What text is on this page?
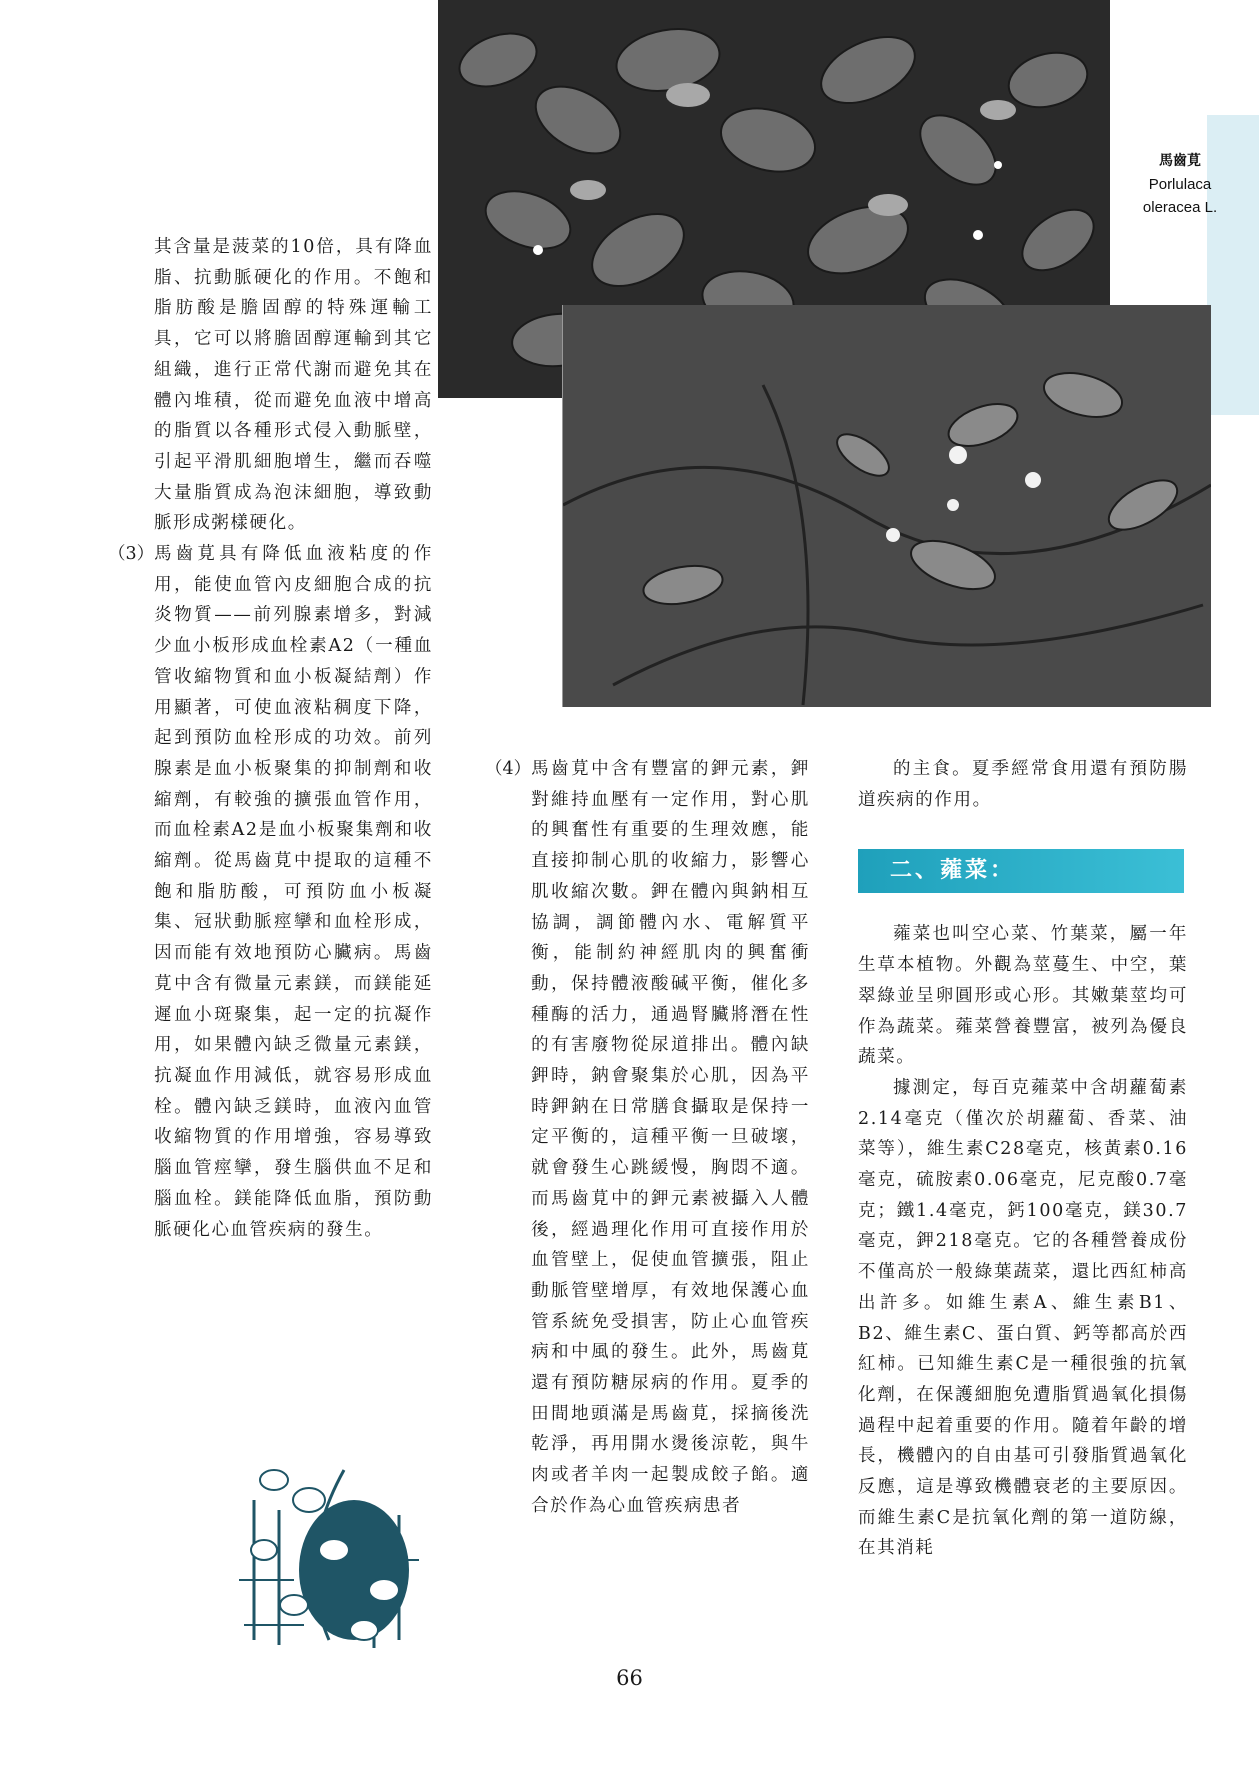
馬齒莧
Porlulaca
oleracea L.

其含量是菠菜的10倍，具有降血脂、抗動脈硬化的作用。不飽和脂肪酸是膽固醇的特殊運輸工具，它可以將膽固醇運輸到其它組織，進行正常代謝而避免其在體內堆積，從而避免血液中增高的脂質以各種形式侵入動脈壁，引起平滑肌細胞增生，繼而吞噬大量脂質成為泡沫細胞，導致動脈形成粥樣硬化。

（3） 馬齒莧具有降低血液粘度的作用，能使血管內皮細胞合成的抗炎物質——前列腺素增多，對減少血小板形成血栓素A2（一種血管收縮物質和血小板凝結劑）作用顯著，可使血液粘稠度下降，起到預防血栓形成的功效。前列腺素是血小板聚集的抑制劑和收縮劑，有較強的擴張血管作用，而血栓素A2是血小板聚集劑和收縮劑。從馬齒莧中提取的這種不飽和脂肪酸，可預防血小板凝集、冠狀動脈痙攣和血栓形成，因而能有效地預防心臟病。馬齒莧中含有微量元素鎂，而鎂能延遲血小斑聚集，起一定的抗凝作用，如果體內缺乏微量元素鎂，抗凝血作用減低，就容易形成血栓。體內缺乏鎂時，血液內血管收縮物質的作用增強，容易導致腦血管痙攣，發生腦供血不足和腦血栓。鎂能降低血脂，預防動脈硬化心血管疾病的發生。
（4） 馬齒莧中含有豐富的鉀元素，鉀對維持血壓有一定作用，對心肌的興奮性有重要的生理效應，能直接抑制心肌的收縮力，影響心肌收縮次數。鉀在體內與鈉相互協調，調節體內水、電解質平衡，能制約神經肌肉的興奮衝動，保持體液酸碱平衡，催化多種酶的活力，通過腎臟將潛在性的有害廢物從尿道排出。體內缺鉀時，鈉會聚集於心肌，因為平時鉀鈉在日常膳食攝取是保持一定平衡的，這種平衡一旦破壞，就會發生心跳緩慢，胸悶不適。而馬齒莧中的鉀元素被攝入人體後，經過理化作用可直接作用於血管壁上，促使血管擴張，阻止動脈管壁增厚，有效地保護心血管系統免受損害，防止心血管疾病和中風的發生。此外，馬齒莧還有預防糖尿病的作用。夏季的田間地頭滿是馬齒莧，採摘後洗乾淨，再用開水燙後涼乾，與牛肉或者羊肉一起製成餃子餡。適合於作為心血管疾病患者

的主食。夏季經常食用還有預防腸道疾病的作用。

二、蕹菜：

蕹菜也叫空心菜、竹葉菜，屬一年生草本植物。外觀為莖蔓生、中空，葉翠綠並呈卵圓形或心形。其嫩葉莖均可作為蔬菜。蕹菜營養豐富，被列為優良蔬菜。

據測定，每百克蕹菜中含胡蘿蔔素2.14毫克（僅次於胡蘿蔔、香菜、油菜等），維生素C28毫克，核黃素0.16毫克，硫胺素0.06毫克，尼克酸0.7毫克；鐵1.4毫克，鈣100毫克，鎂30.7毫克，鉀218毫克。它的各種營養成份不僅高於一般綠葉蔬菜，還比西紅柿高出許多。如維生素A、維生素B1、B2、維生素C、蛋白質、鈣等都高於西紅柿。已知維生素C是一種很強的抗氧化劑，在保護細胞免遭脂質過氧化損傷過程中起着重要的作用。隨着年齡的增長，機體內的自由基可引發脂質過氧化反應，這是導致機體衰老的主要原因。而維生素C是抗氧化劑的第一道防線，在其消耗

66
